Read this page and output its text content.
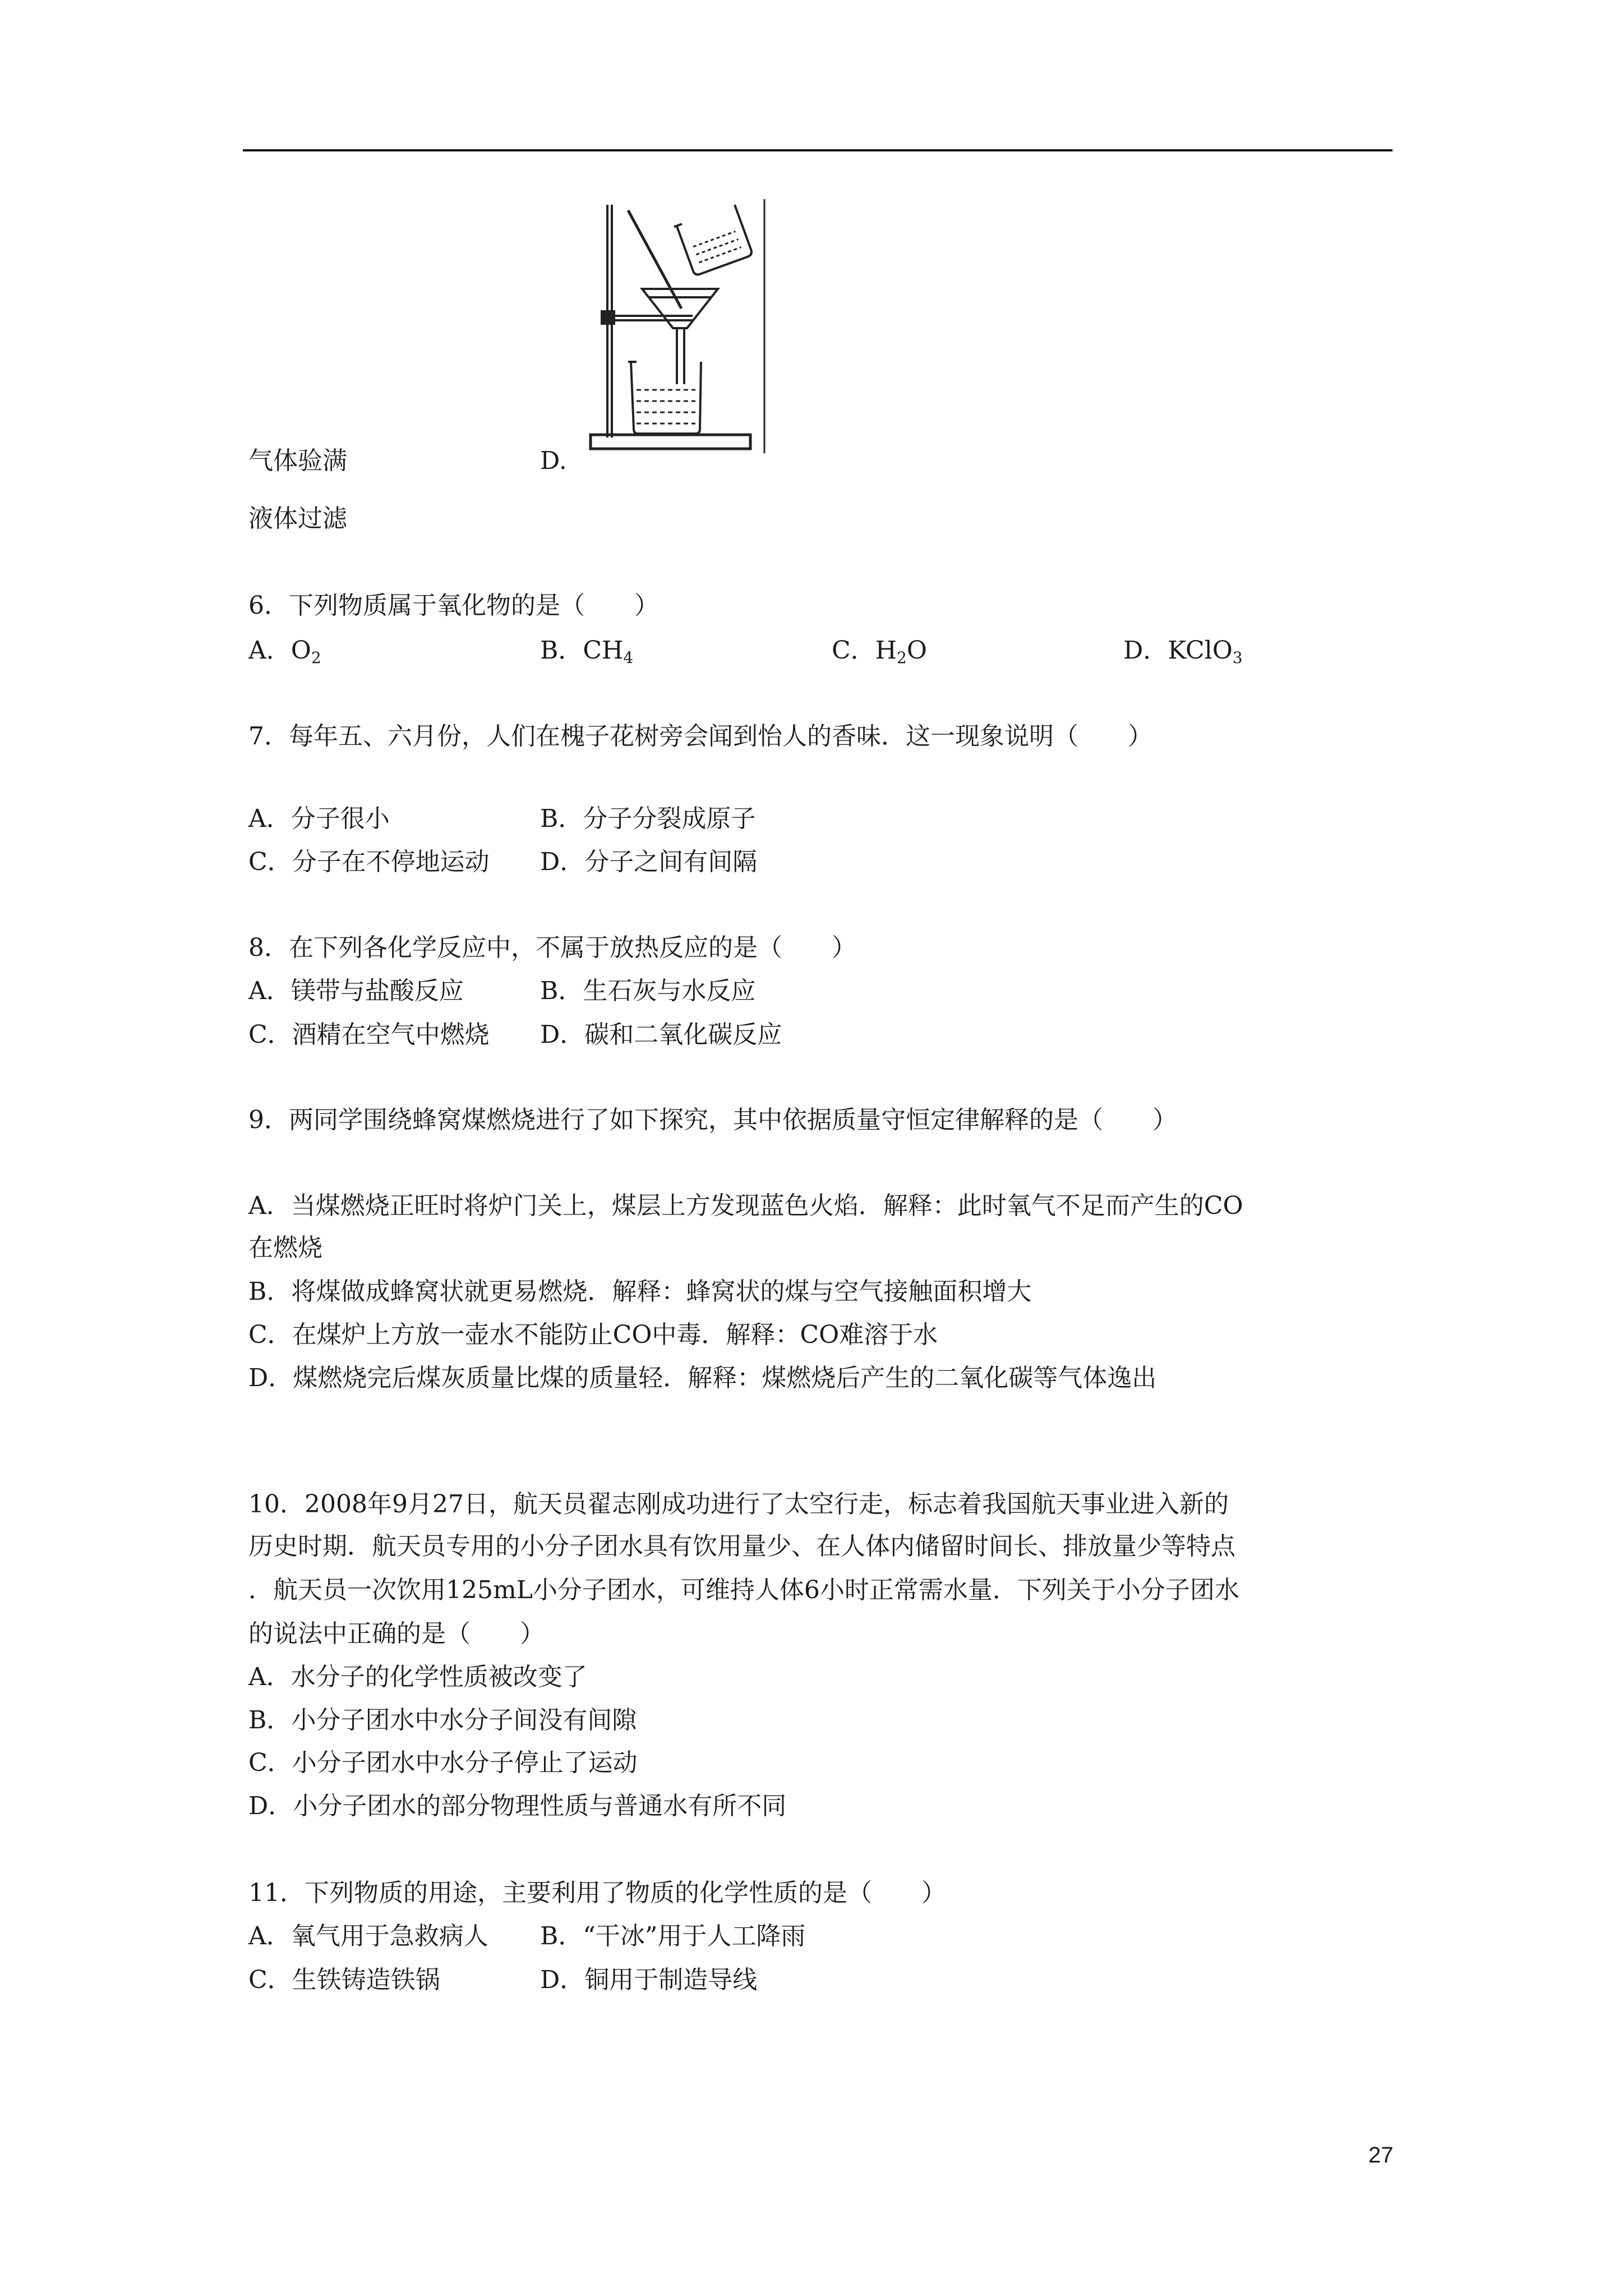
气体验满	D.
液体过滤
6．下列物质属于氧化物的是（　　）
A．$O_2$	B．$CH_4$	C．$H_2O$	D．KClO$_3$
7．每年五、六月份，人们在槐子花树旁会闻到怡人的香味．这一现象说明（　　）
A．分子很小	B．分子分裂成原子
C．分子在不停地运动 D．分子之间有间隔
8．在下列各化学反应中，不属于放热反应的是（　　）
A．镁带与盐酸反应	B．生石灰与水反应
C．酒精在空气中燃烧 D．碳和二氧化碳反应
9．两同学围绕蜂窝煤燃烧进行了如下探究，其中依据质量守恒定律解释的是（　　）
A．当煤燃烧正旺时将炉门关上，煤层上方发现蓝色火焰．解释：此时氧气不足而产生的CO
在燃烧
B．将煤做成蜂窝状就更易燃烧．解释：蜂窝状的煤与空气接触面积增大
C．在煤炉上方放一壶水不能防止CO中毒．解释：CO难溶于水
D．煤燃烧完后煤灰质量比煤的质量轻．解释：煤燃烧后产生的二氧化碳等气体逸出
10．2008年9月27日，航天员翟志刚成功进行了太空行走，标志着我国航天事业进入新的
历史时期．航天员专用的小分子团水具有饮用量少、在人体内储留时间长、排放量少等特点
．航天员一次饮用125mL小分子团水，可维持人体6小时正常需水量．下列关于小分子团水
的说法中正确的是（　　）
A．水分子的化学性质被改变了
B．小分子团水中水分子间没有间隙
C．小分子团水中水分子停止了运动
D．小分子团水的部分物理性质与普通水有所不同
11．下列物质的用途，主要利用了物质的化学性质的是（　　）
A．氧气用于急救病人 B．“干冰”用于人工降雨
C．生铁铸造铁锅	D．铜用于制造导线
27
